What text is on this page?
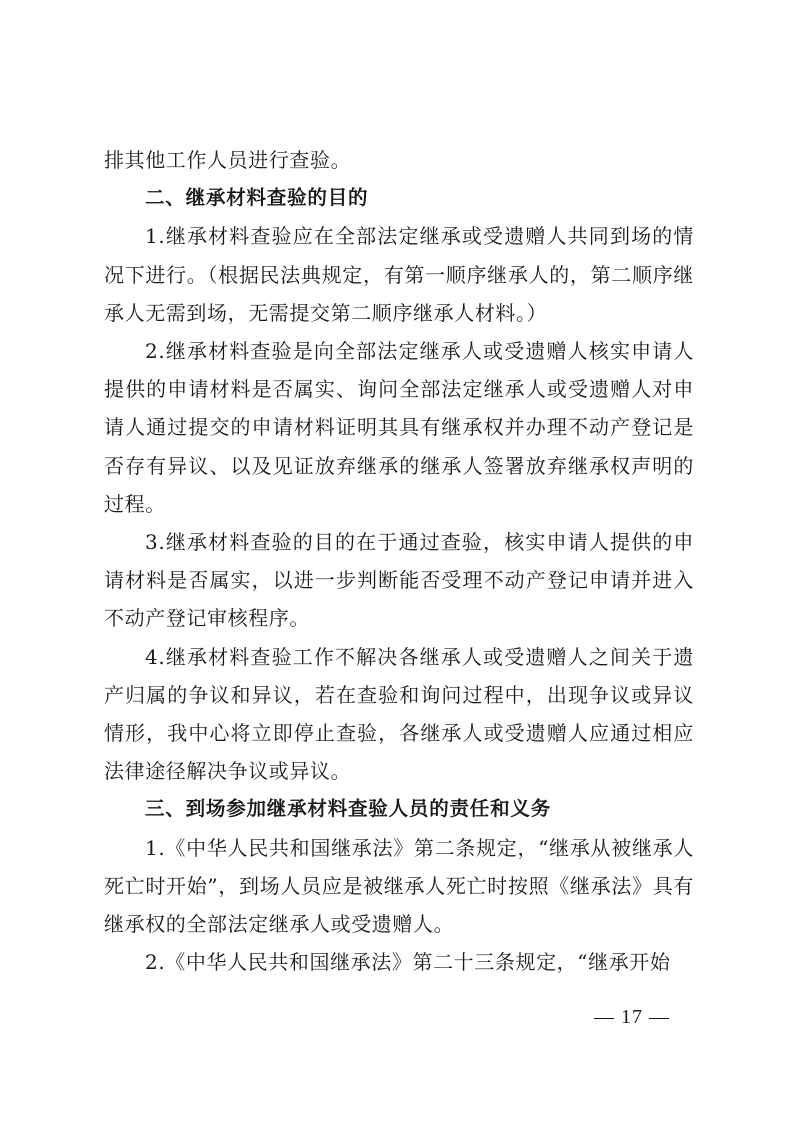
排其他工作人员进行查验。

二、继承材料查验的目的

1.继承材料查验应在全部法定继承或受遗赠人共同到场的情况下进行。（根据民法典规定，有第一顺序继承人的，第二顺序继承人无需到场，无需提交第二顺序继承人材料。）

2.继承材料查验是向全部法定继承人或受遗赠人核实申请人提供的申请材料是否属实、询问全部法定继承人或受遗赠人对申请人通过提交的申请材料证明其具有继承权并办理不动产登记是否存有异议、以及见证放弃继承的继承人签署放弃继承权声明的过程。

3.继承材料查验的目的在于通过查验，核实申请人提供的申请材料是否属实，以进一步判断能否受理不动产登记申请并进入不动产登记审核程序。

4.继承材料查验工作不解决各继承人或受遗赠人之间关于遗产归属的争议和异议，若在查验和询问过程中，出现争议或异议情形，我中心将立即停止查验，各继承人或受遗赠人应通过相应法律途径解决争议或异议。

三、到场参加继承材料查验人员的责任和义务

1.《中华人民共和国继承法》第二条规定，“继承从被继承人死亡时开始”，到场人员应是被继承人死亡时按照《继承法》具有继承权的全部法定继承人或受遗赠人。

2.《中华人民共和国继承法》第二十三条规定，“继承开始

— 17 —
